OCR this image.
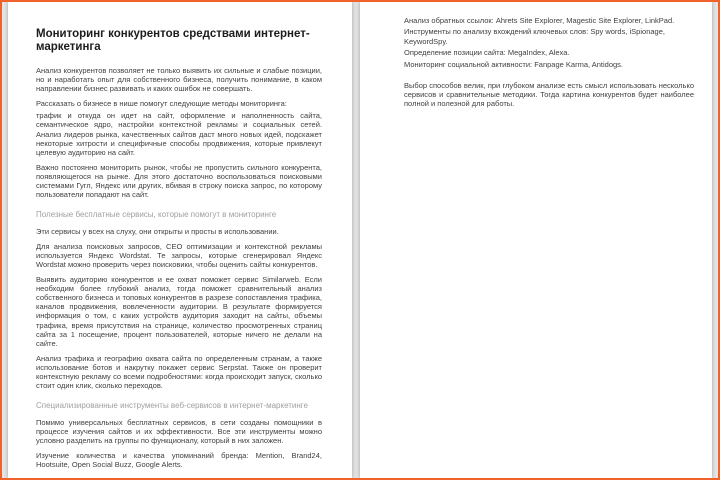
Мониторинг конкурентов средствами интернет-маркетинга

Анализ конкурентов позволяет не только выявить их сильные и слабые позиции, но и наработать опыт для собственного бизнеса, получить понимание, в каком направлении бизнес развивать и каких ошибок не совершать.

Рассказать о бизнесе в нише помогут следующие методы мониторинга:

трафик и откуда он идет на сайт, оформление и наполненность сайта, семантическое ядро, настройки контекстной рекламы и социальных сетей. Анализ лидеров рынка, качественных сайтов даст много новых идей, подскажет некоторые хитрости и специфичные способы продвижения, которые привлекут целевую аудиторию на сайт.

Важно постоянно мониторить рынок, чтобы не пропустить сильного конкурента, появляющегося на рынке. Для этого достаточно воспользоваться поисковыми системами Гугл, Яндекс или других, вбивая в строку поиска запрос, по которому пользователи попадают на сайт.

Полезные бесплатные сервисы, которые помогут в мониторинге

Эти сервисы у всех на слуху, они открыты и просты в использовании.

Для анализа поисковых запросов, СЕО оптимизации и контекстной рекламы используется Яндекс Wordstat. Те запросы, которые сгенерировал Яндекс Wordstat можно проверить через поисковики, чтобы оценить сайты конкурентов.

Выявить аудиторию конкурентов и ее охват поможет сервис Similarweb. Если необходим более глубокий анализ, тогда поможет сравнительный анализ собственного бизнеса и топовых конкурентов в разрезе сопоставления трафика, каналов продвижения, вовлеченности аудитории. В результате формируется информация о том, с каких устройств аудитория заходит на сайты, объемы трафика, время присутствия на странице, количество просмотренных страниц сайта за 1 посещение, процент пользователей, которые ничего не делали на сайте.

Анализ трафика и географию охвата сайта по определенным странам, а также использование ботов и накрутку покажет сервис Serpstat. Также он проверит контекстную рекламу со всеми подробностями: когда происходит запуск, сколько стоит один клик, сколько переходов.

Специализированные инструменты веб-сервисов в интернет-маркетинге

Помимо универсальных бесплатных сервисов, в сети созданы помощники в процессе изучения сайтов и их эффективности. Все эти инструменты можно условно разделить на группы по функционалу, который в них заложен.

Изучение количества и качества упоминаний бренда: Mention, Brand24, Hootsuite, Open Social Buzz, Google Alerts.

Анализ обратных ссылок: Ahrets Site Explorer, Magestic Site Explorer, LinkPad.

Инструменты по анализу вхождений ключевых слов: Spy words, iSpionage, KeywordSpy.

Определение позиции сайта: MegaIndex, Alexa.

Мониторинг социальной активности: Fanpage Karma, Antidogs.

Выбор способов велик, при глубоком анализе есть смысл использовать несколько сервисов и сравнительные методики. Тогда картина конкурентов будет наиболее полной и полезной для работы.
